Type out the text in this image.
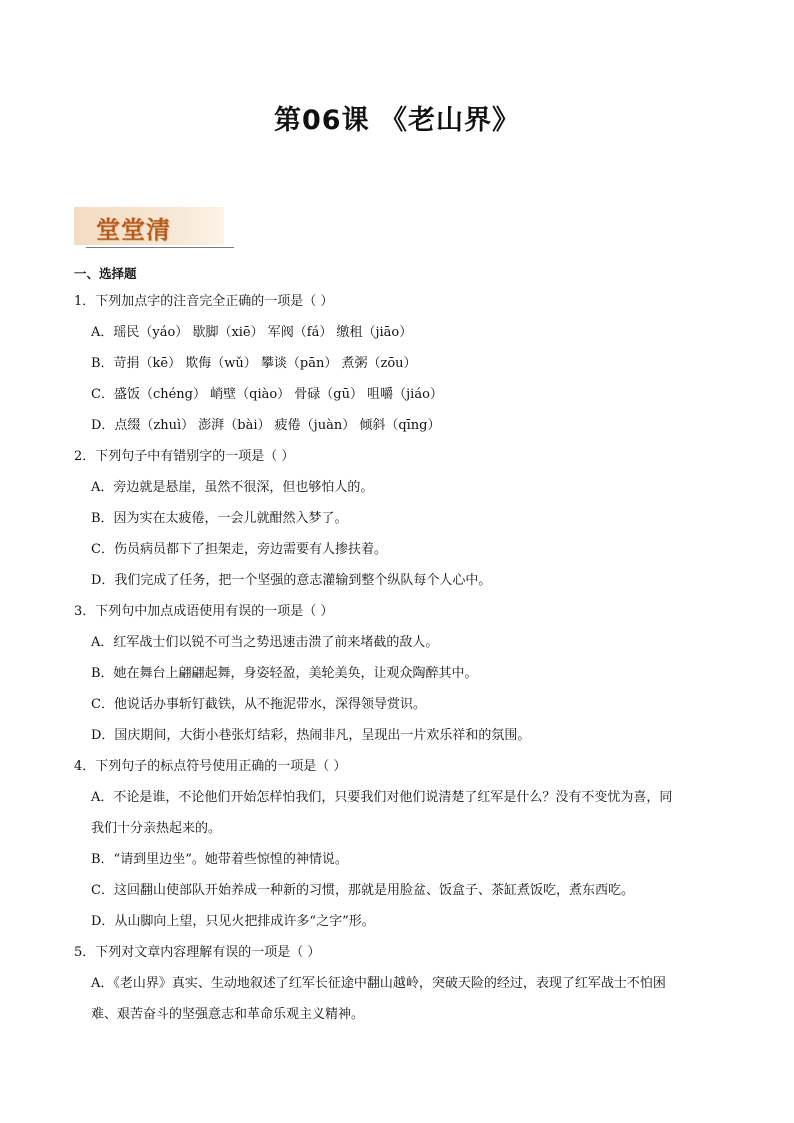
第06课 《老山界》
堂堂清
一、选择题
1．下列加点字的注音完全正确的一项是（ ）
A．瑶民（yáo） 歇脚（xiē） 军阀（fá） 缴租（jiāo）
B．苛捐（kē） 欺侮（wǔ） 攀谈（pān） 煮粥（zōu）
C．盛饭（chéng） 峭壁（qiào） 骨碌（gū） 咀嚼（jiáo）
D．点缀（zhuì） 澎湃（bài） 疲倦（juàn） 倾斜（qīng）
2．下列句子中有错别字的一项是（ ）
A．旁边就是悬崖，虽然不很深，但也够怕人的。
B．因为实在太疲倦，一会儿就酣然入梦了。
C．伤员病员都下了担架走，旁边需要有人掺扶着。
D．我们完成了任务，把一个坚强的意志灌输到整个纵队每个人心中。
3．下列句中加点成语使用有误的一项是（ ）
A．红军战士们以锐不可当之势迅速击溃了前来堵截的敌人。
B．她在舞台上翩翩起舞，身姿轻盈，美轮美奂，让观众陶醉其中。
C．他说话办事斩钉截铁，从不拖泥带水，深得领导赏识。
D．国庆期间，大街小巷张灯结彩，热闹非凡，呈现出一片欢乐祥和的氛围。
4．下列句子的标点符号使用正确的一项是（ ）
A．不论是谁，不论他们开始怎样怕我们，只要我们对他们说清楚了红军是什么？没有不变忧为喜，同
我们十分亲热起来的。
B．“请到里边坐”。她带着些惊惶的神情说。
C．这回翻山使部队开始养成一种新的习惯，那就是用脸盆、饭盒子、茶缸煮饭吃，煮东西吃。
D．从山脚向上望，只见火把排成许多“之字”形。
5．下列对文章内容理解有误的一项是（ ）
A．《老山界》真实、生动地叙述了红军长征途中翻山越岭，突破天险的经过，表现了红军战士不怕困
难、艰苦奋斗的坚强意志和革命乐观主义精神。
